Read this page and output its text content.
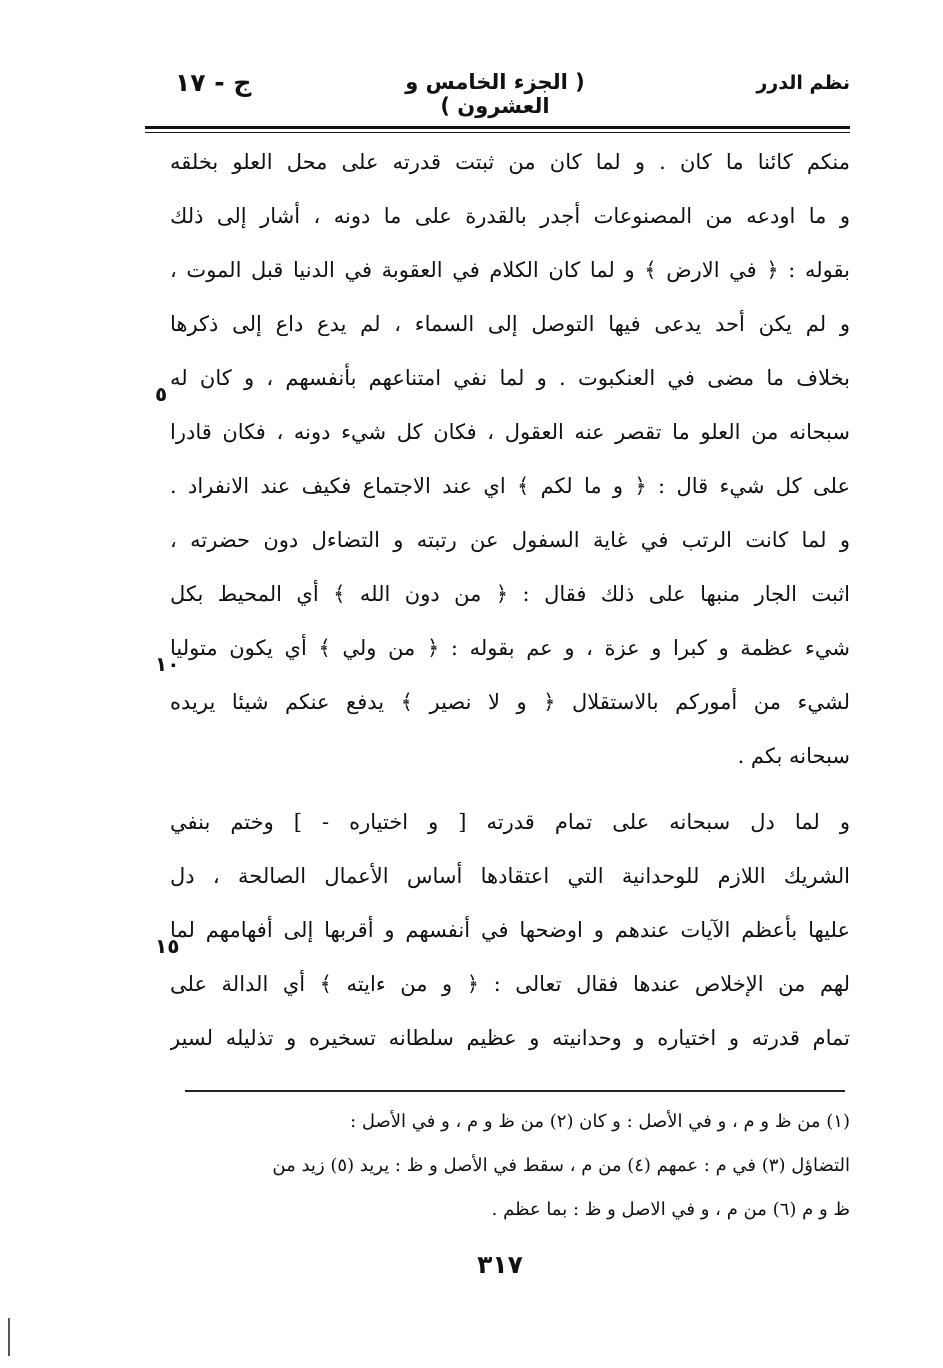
نظم الدرر
( الجزء الخامس و العشرون )
ج - ١٧
منكم كائنا ما كان . و لما كان من ثبتت قدرته على محل العلو بخلقه
و ما اودعه من المصنوعات أجدر بالقدرة على ما دونه ، أشار إلى ذلك
بقوله : ﴿ في الارض ﴾ و لما كان الكلام في العقوبة في الدنيا قبل الموت ،
و لم يكن أحد يدعى فيها التوصل إلى السماء ، لم يدع داع إلى ذكرها
بخلاف ما مضى في العنكبوت . و لما نفي امتناعهم بأنفسهم ، و كان له
سبحانه من العلو ما تقصر عنه العقول ، فكان كل شيء دونه ، فكان قادرا
على كل شيء قال : ﴿ و ما لكم ﴾ اي عند الاجتماع فكيف عند الانفراد .
و لما كانت الرتب في غاية السفول عن رتبته و التضاءل دون حضرته ،
اثبت الجار منبها على ذلك فقال : ﴿ من دون الله ﴾ أي المحيط بكل
شيء عظمة و كبرا و عزة ، و عم بقوله : ﴿ من ولي ﴾ أي يكون متوليا
لشيء من أموركم بالاستقلال ﴿ و لا نصير ﴾ يدفع عنكم شيئا يريده
سبحانه بكم .
و لما دل سبحانه على تمام قدرته [ و اختياره - ] وختم بنفي
الشريك اللازم للوحدانية التي اعتقادها أساس الأعمال الصالحة ، دل
عليها بأعظم الآيات عندهم و اوضحها في أنفسهم و أقربها إلى أفهامهم لما
لهم من الإخلاص عندها فقال تعالى : ﴿ و من ءايته ﴾ أي الدالة على
تمام قدرته و اختياره و وحدانيته و عظيم سلطانه تسخيره و تذليله لسير
٥
١٠
١٥
(١) من ظ و م ، و في الأصل : و كان (٢) من ظ و م ، و في الأصل :
التضاؤل (٣) في م : عمهم (٤) من م ، سقط في الأصل و ظ : يريد (٥) زيد من
ظ و م (٦) من م ، و في الاصل و ظ : بما عظم .
٣١٧
